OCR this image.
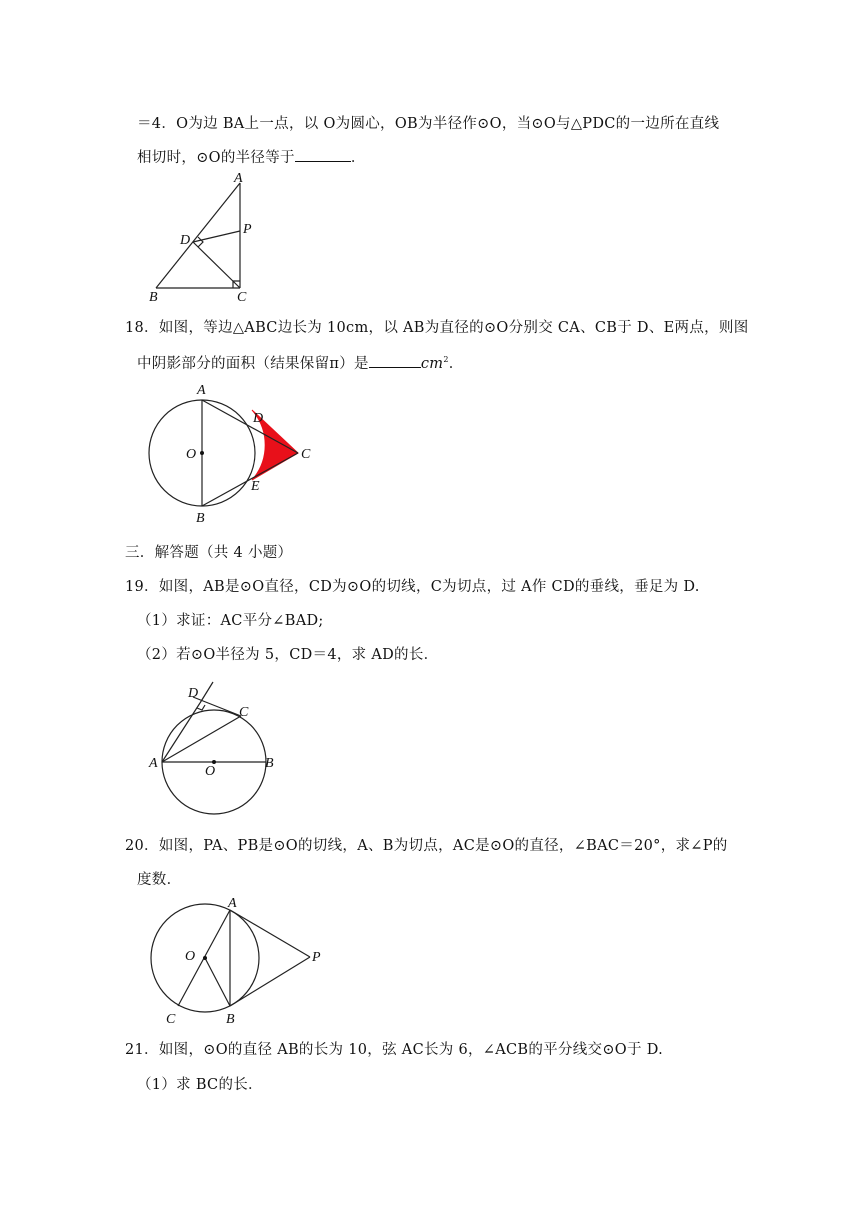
＝4．O为边 BA上一点，以 O为圆心，OB为半径作⊙O，当⊙O与△PDC的一边所在直线
相切时，⊙O的半径等于	．
A
P
D
B	C
18．如图，等边△ABC边长为 10cm，以 AB为直径的⊙O分别交 CA、CB于 D、E两点，则图
中阴影部分的面积（结果保留π）是	$cm^2$．
A
D
O	C
E
B
三．解答题（共 4 小题）
19．如图，AB是⊙O直径，CD为⊙O的切线，C为切点，过 A作 CD的垂线，垂足为 D.
（1）求证：AC平分∠BAD;
（2）若⊙O半径为 5，CD＝4，求 AD的长．
D
C
A
O
B
20．如图，PA、PB是⊙O的切线，A、B为切点，AC是⊙O的直径，∠BAC＝20°，求∠P的
度数．
A
O	P
C	B
21．如图，⊙O的直径 AB的长为 10，弦 AC长为 6，∠ACB的平分线交⊙O于 D.
（1）求 BC的长．
